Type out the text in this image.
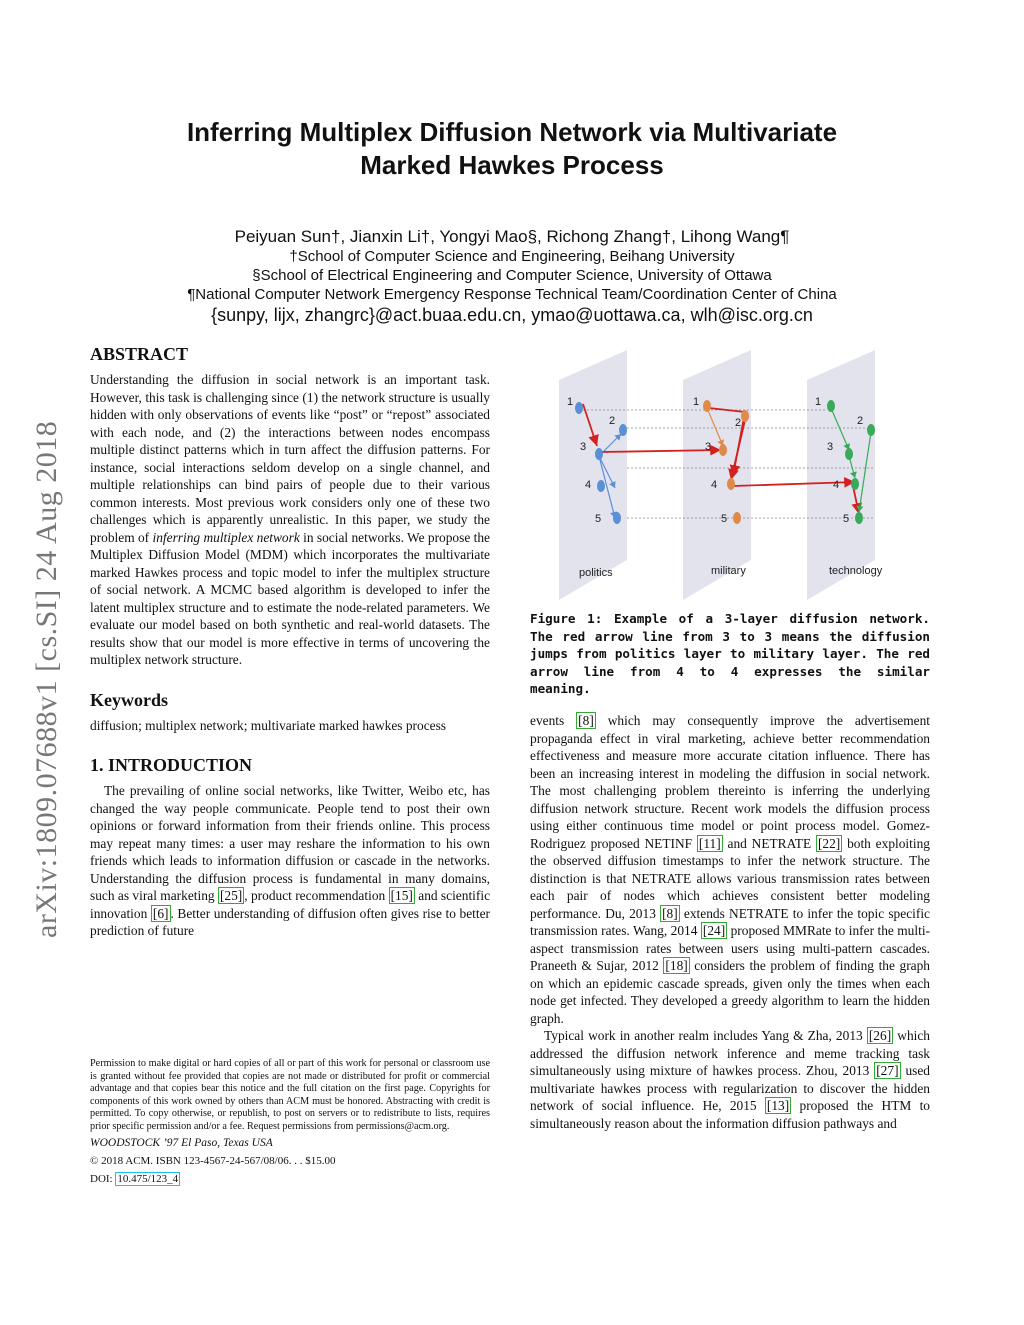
Inferring Multiplex Diffusion Network via Multivariate
Marked Hawkes Process
Peiyuan Sun†, Jianxin Li†, Yongyi Mao§, Richong Zhang†, Lihong Wang¶
†School of Computer Science and Engineering, Beihang University
§School of Electrical Engineering and Computer Science, University of Ottawa
¶National Computer Network Emergency Response Technical Team/Coordination Center of China
{sunpy, lijx, zhangrc}@act.buaa.edu.cn, ymao@uottawa.ca, wlh@isc.org.cn
arXiv:1809.07688v1 [cs.SI] 24 Aug 2018
ABSTRACT

Understanding the diffusion in social network is an important task. However, this task is challenging since (1) the network structure is usually hidden with only observations of events like “post” or “repost” associated with each node, and (2) the interactions between nodes encompass multiple distinct patterns which in turn affect the diffusion patterns. For instance, social interactions seldom develop on a single channel, and multiple relationships can bind pairs of people due to their various common interests. Most previous work considers only one of these two challenges which is apparently unrealistic. In this paper, we study the problem of inferring multiplex network in social networks. We propose the Multiplex Diffusion Model (MDM) which incorporates the multivariate marked Hawkes process and topic model to infer the multiplex structure of social network. A MCMC based algorithm is developed to infer the latent multiplex structure and to estimate the node-related parameters. We evaluate our model based on both synthetic and real-world datasets. The results show that our model is more effective in terms of uncovering the multiplex network structure.

Keywords

diffusion; multiplex network; multivariate marked hawkes process

1. INTRODUCTION

The prevailing of online social networks, like Twitter, Weibo etc, has changed the way people communicate. People tend to post their own opinions or forward information from their friends online. This process may repeat many times: a user may reshare the information to his own friends which leads to information diffusion or cascade in the networks. Understanding the diffusion process is fundamental in many domains, such as viral marketing [25] , product recommendation [15] and scientific innovation [6] . Better understanding of diffusion often gives rise to better prediction of future

Permission to make digital or hard copies of all or part of this work for personal or classroom use is granted without fee provided that copies are not made or distributed for profit or commercial advantage and that copies bear this notice and the full citation on the first page. Copyrights for components of this work owned by others than ACM must be honored. Abstracting with credit is permitted. To copy otherwise, or republish, to post on servers or to redistribute to lists, requires prior specific permission and/or a fee. Request permissions from permissions@acm.org.

WOODSTOCK ’97 El Paso, Texas USA

© 2018 ACM. ISBN 123-4567-24-567/08/06. . . $15.00

DOI: 10.475/123_4

1
2
3
4
5
1
2
3
4
5
1
2
3
4
5
politics	military	technology
Figure 1: Example of a 3-layer diffusion network. The red arrow line from 3 to 3 means the diffusion jumps from politics layer to military layer. The red arrow line from 4 to 4 expresses the similar meaning.

events [8] which may consequently improve the advertisement propaganda effect in viral marketing, achieve better recommendation effectiveness and measure more accurate citation influence. There has been an increasing interest in modeling the diffusion in social network. The most challenging problem thereinto is inferring the underlying diffusion network structure. Recent work models the diffusion process using either continuous time model or point process model. Gomez-Rodriguez proposed NETINF [11] and NETRATE [22] both exploiting the observed diffusion timestamps to infer the network structure. The distinction is that NETRATE allows various transmission rates between each pair of nodes which achieves consistent better modeling performance. Du, 2013 [8] extends NETRATE to infer the topic specific transmission rates. Wang, 2014 [24] proposed MMRate to infer the multi-aspect transmission rates between users using multi-pattern cascades. Praneeth & Sujar, 2012 [18] considers the problem of finding the graph on which an epidemic cascade spreads, given only the times when each node get infected. They developed a greedy algorithm to learn the hidden graph.

Typical work in another realm includes Yang & Zha, 2013 [26] which addressed the diffusion network inference and meme tracking task simultaneously using mixture of hawkes process. Zhou, 2013 [27] used multivariate hawkes process with regularization to discover the hidden network of social influence. He, 2015 [13] proposed the HTM to simultaneously reason about the information diffusion pathways and
